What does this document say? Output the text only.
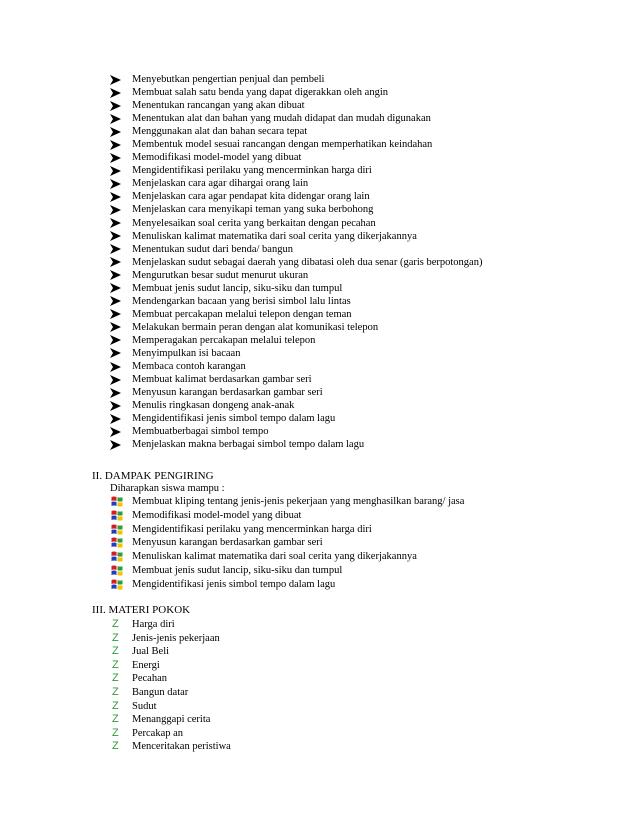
Menyebutkan pengertian penjual dan pembeli
Membuat salah satu benda yang dapat digerakkan oleh angin
Menentukan rancangan yang akan dibuat
Menentukan alat dan bahan yang mudah didapat dan mudah digunakan
Menggunakan alat dan bahan secara tepat
Membentuk model sesuai rancangan dengan memperhatikan keindahan
Memodifikasi model-model yang dibuat
Mengidentifikasi perilaku yang mencerminkan harga diri
Menjelaskan cara agar dihargai orang lain
Menjelaskan cara agar pendapat kita didengar orang lain
Menjelaskan cara menyikapi teman yang suka berbohong
Menyelesaikan soal cerita yang berkaitan dengan pecahan
Menuliskan kalimat matematika dari soal cerita yang dikerjakannya
Menentukan sudut dari benda/ bangun
Menjelaskan sudut sebagai daerah yang dibatasi oleh dua senar (garis berpotongan)
Mengurutkan besar sudut menurut ukuran
Membuat jenis sudut lancip, siku-siku dan tumpul
Mendengarkan bacaan yang berisi simbol lalu lintas
Membuat percakapan melalui telepon dengan teman
Melakukan bermain peran dengan alat komunikasi telepon
Memperagakan percakapan melalui telepon
Menyimpulkan isi bacaan
Membaca contoh karangan
Membuat kalimat berdasarkan gambar seri
Menyusun karangan berdasarkan gambar seri
Menulis ringkasan dongeng anak-anak
Mengidentifikasi jenis simbol tempo dalam lagu
Membuatberbagai simbol tempo
Menjelaskan makna berbagai simbol tempo dalam lagu
II. DAMPAK PENGIRING
Diharapkan siswa mampu :
Membuat kliping tentang jenis-jenis pekerjaan yang menghasilkan barang/ jasa
Memodifikasi model-model yang dibuat
Mengidentifikasi perilaku yang mencerminkan harga diri
Menyusun karangan berdasarkan gambar seri
Menuliskan kalimat matematika dari soal cerita yang dikerjakannya
Membuat jenis sudut lancip, siku-siku dan tumpul
Mengidentifikasi jenis simbol tempo dalam lagu
III. MATERI POKOK
Z Harga diri
Z Jenis-jenis pekerjaan
Z Jual Beli
Z Energi
Z Pecahan
Z Bangun datar
Z Sudut
Z Menanggapi cerita
Z Percakap an
Z Menceritakan peristiwa
